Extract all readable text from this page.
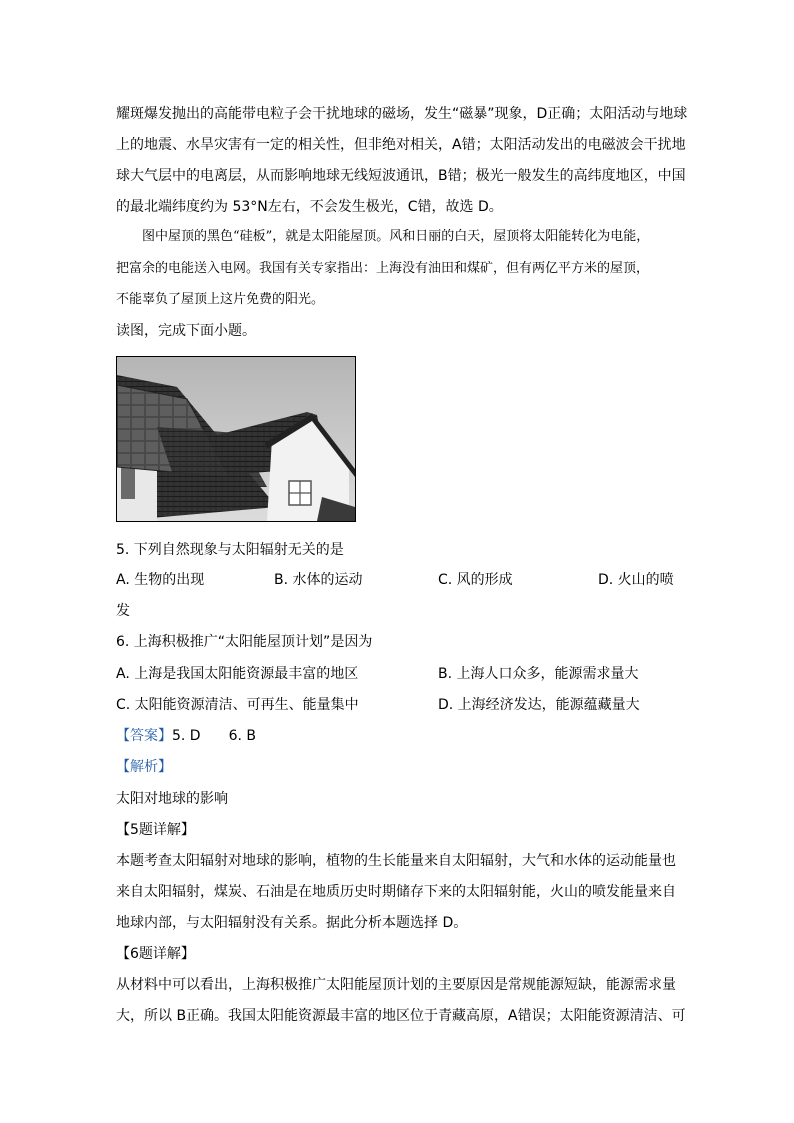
耀斑爆发抛出的高能带电粒子会干扰地球的磁场，发生“磁暴”现象，D正确；太阳活动与地球
上的地震、水旱灾害有一定的相关性，但非绝对相关，A错；太阳活动发出的电磁波会干扰地
球大气层中的电离层，从而影响地球无线短波通讯，B错；极光一般发生的高纬度地区，中国
的最北端纬度约为 53°N左右，不会发生极光，C错，故选 D。
　　图中屋顶的黑色“硅板”，就是太阳能屋顶。风和日丽的白天，屋顶将太阳能转化为电能，
把富余的电能送入电网。我国有关专家指出：上海没有油田和煤矿，但有两亿平方米的屋顶，
不能辜负了屋顶上这片免费的阳光。
读图，完成下面小题。
5. 下列自然现象与太阳辐射无关的是
A. 生物的出现	B. 水体的运动	C. 风的形成	D. 火山的喷
发
6. 上海积极推广“太阳能屋顶计划”是因为
A. 上海是我国太阳能资源最丰富的地区	B. 上海人口众多，能源需求量大
C. 太阳能资源清洁、可再生、能量集中	D. 上海经济发达，能源蕴藏量大
【答案】5. D　　6. B
【解析】
太阳对地球的影响
【5题详解】
本题考查太阳辐射对地球的影响，植物的生长能量来自太阳辐射，大气和水体的运动能量也
来自太阳辐射，煤炭、石油是在地质历史时期储存下来的太阳辐射能，火山的喷发能量来自
地球内部，与太阳辐射没有关系。据此分析本题选择 D。
【6题详解】
从材料中可以看出，上海积极推广太阳能屋顶计划的主要原因是常规能源短缺，能源需求量
大，所以 B正确。我国太阳能资源最丰富的地区位于青藏高原，A错误；太阳能资源清洁、可
